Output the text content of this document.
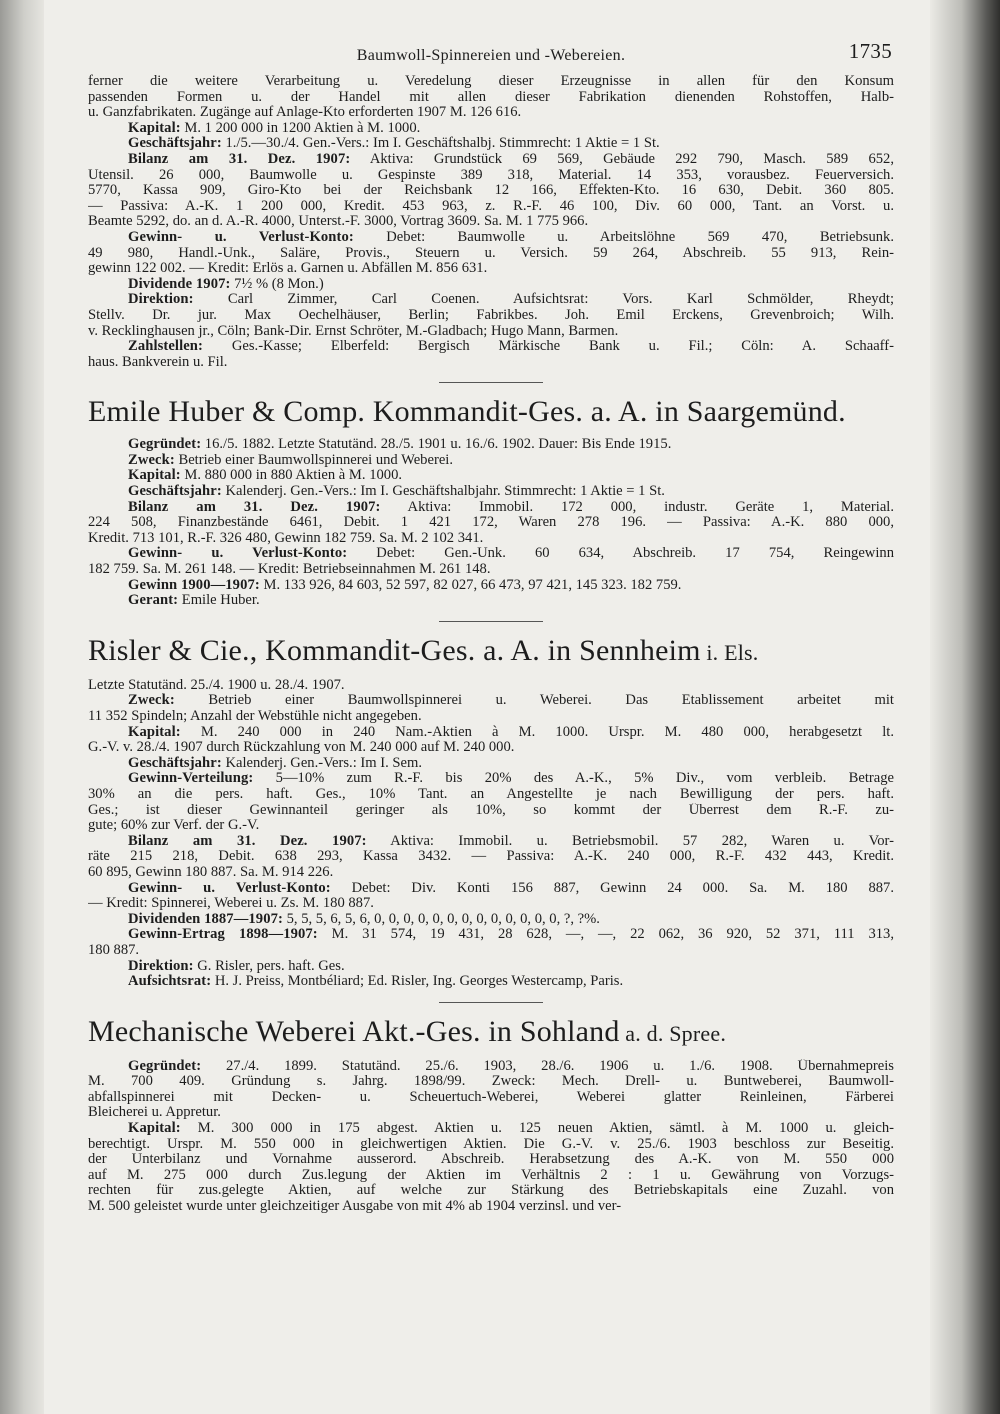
Baumwoll-Spinnereien und -Webereien.	1735
ferner die weitere Verarbeitung u. Veredelung dieser Erzeugnisse in allen für den Konsum
passenden Formen u. der Handel mit allen dieser Fabrikation dienenden Rohstoffen, Halb-
u. Ganzfabrikaten. Zugänge auf Anlage-Kto erforderten 1907 M. 126 616.
Kapital: M. 1 200 000 in 1200 Aktien à M. 1000.
Geschäftsjahr: 1./5.—30./4. Gen.-Vers.: Im I. Geschäftshalbj. Stimmrecht: 1 Aktie = 1 St.
Bilanz am 31. Dez. 1907: Aktiva: Grundstück 69 569, Gebäude 292 790, Masch. 589 652,
Utensil. 26 000, Baumwolle u. Gespinste 389 318, Material. 14 353, vorausbez. Feuerversich.
5770, Kassa 909, Giro-Kto bei der Reichsbank 12 166, Effekten-Kto. 16 630, Debit. 360 805.
— Passiva: A.-K. 1 200 000, Kredit. 453 963, z. R.-F. 46 100, Div. 60 000, Tant. an Vorst. u.
Beamte 5292, do. an d. A.-R. 4000, Unterst.-F. 3000, Vortrag 3609. Sa. M. 1 775 966.
Gewinn- u. Verlust-Konto: Debet: Baumwolle u. Arbeitslöhne 569 470, Betriebsunk.
49 980, Handl.-Unk., Saläre, Provis., Steuern u. Versich. 59 264, Abschreib. 55 913, Rein-
gewinn 122 002. — Kredit: Erlös a. Garnen u. Abfällen M. 856 631.
Dividende 1907: 7½ % (8 Mon.)
Direktion: Carl Zimmer, Carl Coenen. Aufsichtsrat: Vors. Karl Schmölder, Rheydt;
Stellv. Dr. jur. Max Oechelhäuser, Berlin; Fabrikbes. Joh. Emil Erckens, Grevenbroich; Wilh.
v. Recklinghausen jr., Cöln; Bank-Dir. Ernst Schröter, M.-Gladbach; Hugo Mann, Barmen.
Zahlstellen: Ges.-Kasse; Elberfeld: Bergisch Märkische Bank u. Fil.; Cöln: A. Schaaff-
haus. Bankverein u. Fil.
Emile Huber & Comp. Kommandit-Ges. a. A. in Saargemünd.
Gegründet: 16./5. 1882. Letzte Statutänd. 28./5. 1901 u. 16./6. 1902. Dauer: Bis Ende 1915.
Zweck: Betrieb einer Baumwollspinnerei und Weberei.
Kapital: M. 880 000 in 880 Aktien à M. 1000.
Geschäftsjahr: Kalenderj. Gen.-Vers.: Im I. Geschäftshalbjahr. Stimmrecht: 1 Aktie = 1 St.
Bilanz am 31. Dez. 1907: Aktiva: Immobil. 172 000, industr. Geräte 1, Material.
224 508, Finanzbestände 6461, Debit. 1 421 172, Waren 278 196. — Passiva: A.-K. 880 000,
Kredit. 713 101, R.-F. 326 480, Gewinn 182 759. Sa. M. 2 102 341.
Gewinn- u. Verlust-Konto: Debet: Gen.-Unk. 60 634, Abschreib. 17 754, Reingewinn
182 759. Sa. M. 261 148. — Kredit: Betriebseinnahmen M. 261 148.
Gewinn 1900—1907: M. 133 926, 84 603, 52 597, 82 027, 66 473, 97 421, 145 323. 182 759.
Gerant: Emile Huber.
Risler & Cie., Kommandit-Ges. a. A. in Sennheim i. Els.
Letzte Statutänd. 25./4. 1900 u. 28./4. 1907.
Zweck: Betrieb einer Baumwollspinnerei u. Weberei. Das Etablissement arbeitet mit
11 352 Spindeln; Anzahl der Webstühle nicht angegeben.
Kapital: M. 240 000 in 240 Nam.-Aktien à M. 1000. Urspr. M. 480 000, herabgesetzt lt.
G.-V. v. 28./4. 1907 durch Rückzahlung von M. 240 000 auf M. 240 000.
Geschäftsjahr: Kalenderj. Gen.-Vers.: Im I. Sem.
Gewinn-Verteilung: 5—10% zum R.-F. bis 20% des A.-K., 5% Div., vom verbleib. Betrage
30% an die pers. haft. Ges., 10% Tant. an Angestellte je nach Bewilligung der pers. haft.
Ges.; ist dieser Gewinnanteil geringer als 10%, so kommt der Überrest dem R.-F. zu-
gute; 60% zur Verf. der G.-V.
Bilanz am 31. Dez. 1907: Aktiva: Immobil. u. Betriebsmobil. 57 282, Waren u. Vor-
räte 215 218, Debit. 638 293, Kassa 3432. — Passiva: A.-K. 240 000, R.-F. 432 443, Kredit.
60 895, Gewinn 180 887. Sa. M. 914 226.
Gewinn- u. Verlust-Konto: Debet: Div. Konti 156 887, Gewinn 24 000. Sa. M. 180 887.
— Kredit: Spinnerei, Weberei u. Zs. M. 180 887.
Dividenden 1887—1907: 5, 5, 5, 6, 5, 6, 0, 0, 0, 0, 0, 0, 0, 0, 0, 0, 0, 0, 0, ?, ?%.
Gewinn-Ertrag 1898—1907: M. 31 574, 19 431, 28 628, —, —, 22 062, 36 920, 52 371, 111 313,
180 887.
Direktion: G. Risler, pers. haft. Ges.
Aufsichtsrat: H. J. Preiss, Montbéliard; Ed. Risler, Ing. Georges Westercamp, Paris.
Mechanische Weberei Akt.-Ges. in Sohland a. d. Spree.
Gegründet: 27./4. 1899. Statutänd. 25./6. 1903, 28./6. 1906 u. 1./6. 1908. Übernahmepreis
M. 700 409. Gründung s. Jahrg. 1898/99. Zweck: Mech. Drell- u. Buntweberei, Baumwoll-
abfallspinnerei mit Decken- u. Scheuertuch-Weberei, Weberei glatter Reinleinen, Färberei
Bleicherei u. Appretur.
Kapital: M. 300 000 in 175 abgest. Aktien u. 125 neuen Aktien, sämtl. à M. 1000 u. gleich-
berechtigt. Urspr. M. 550 000 in gleichwertigen Aktien. Die G.-V. v. 25./6. 1903 beschloss zur Beseitig.
der Unterbilanz und Vornahme ausserord. Abschreib. Herabsetzung des A.-K. von M. 550 000
auf M. 275 000 durch Zus.legung der Aktien im Verhältnis 2 : 1 u. Gewährung von Vorzugs-
rechten für zus.gelegte Aktien, auf welche zur Stärkung des Betriebskapitals eine Zuzahl. von
M. 500 geleistet wurde unter gleichzeitiger Ausgabe von mit 4% ab 1904 verzinsl. und ver-
